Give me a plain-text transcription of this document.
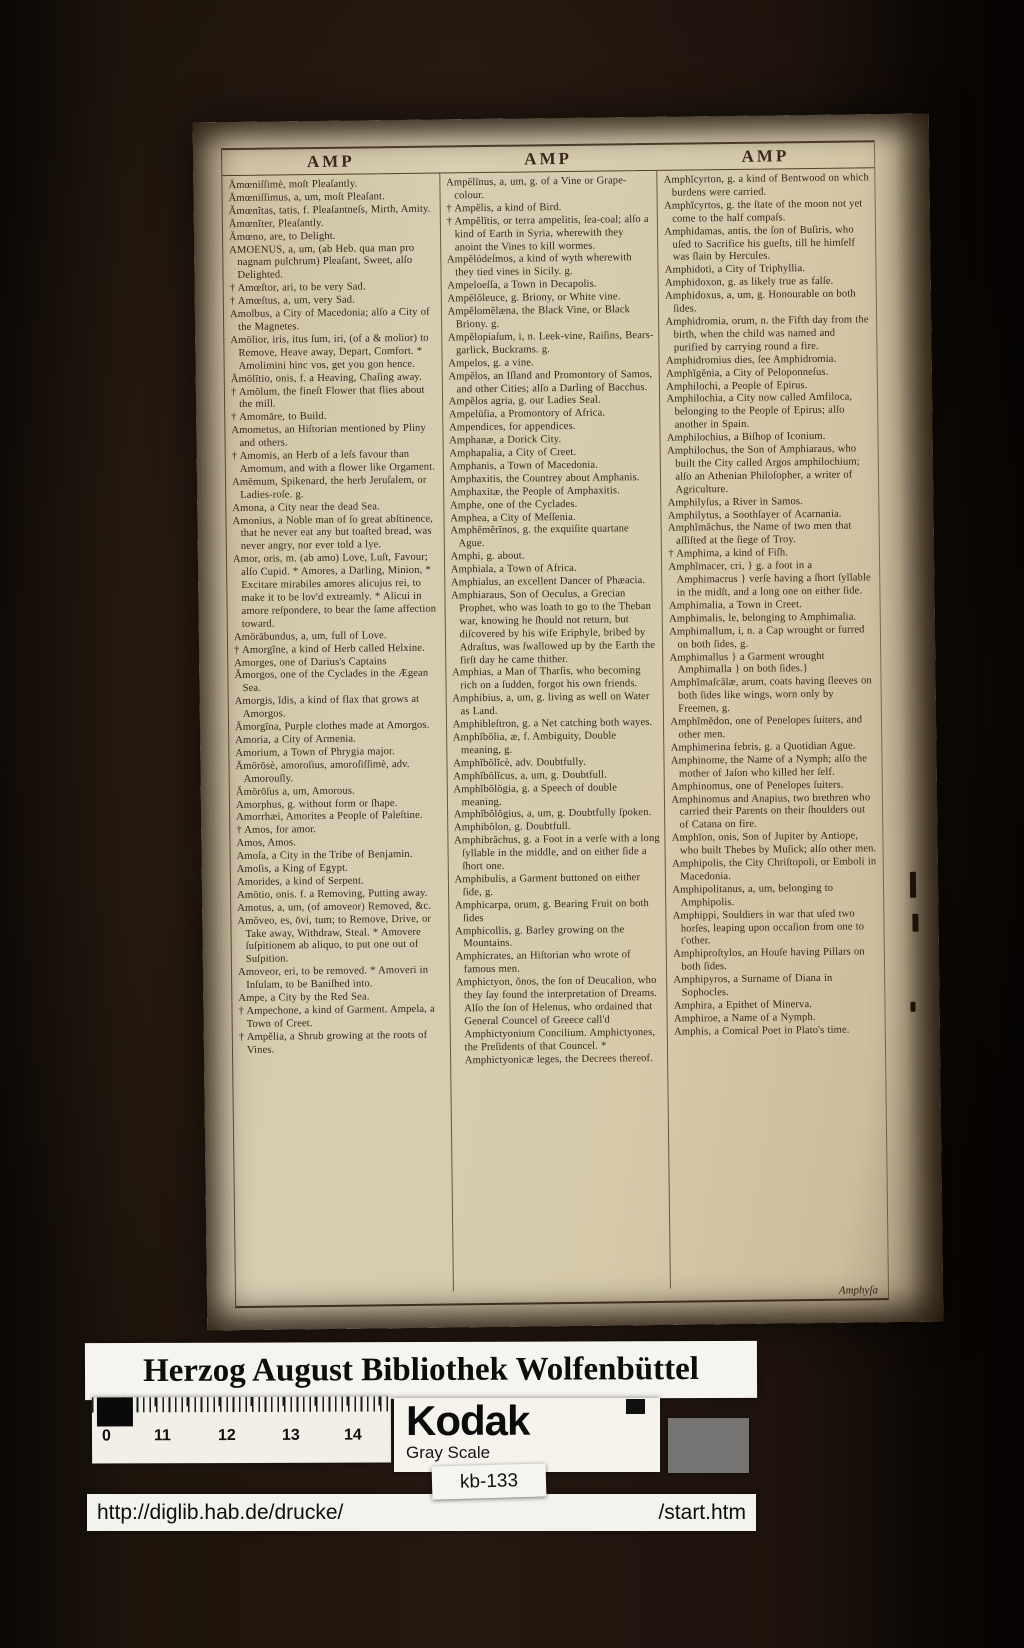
AMP	AMP	AMP

Āmœniſſimè, moſt Pleaſantly.

Āmœniſſimus, a, um, moſt Pleaſant.

Ămœnĭtas, tatis, f. Pleaſantneſs, Mirth, Amity.

Āmœnĭter, Pleaſantly.

Ămœno, are, to Delight.

AMOENUS, a, um, (ab Heb. qua man pro nagnam pulchrum) Pleaſant, Sweet, alſo Delighted.

† Amœſtor, ari, to be very Sad.

† Amœſtus, a, um, very Sad.

Amolbus, a City of Macedonia; alſo a City of the Magnetes.

Amōlior, iris, itus ſum, iri, (of a & molior) to Remove, Heave away, Depart, Comfort. * Amolimini hinc vos, get you gon hence.

Āmōlītio, onis, f. a Heaving, Chaſing away.

† Amōlum, the fineſt Flower that flies about the mill.

† Amomāre, to Build.

Amometus, an Hiſtorian mentioned by Pliny and others.

† Amomis, an Herb of a leſs favour than Amomum, and with a flower like Orgament.

Amēmum, Spikenard, the herb Jeruſalem, or Ladies-roſe. g.

Amona, a City near the dead Sea.

Amonius, a Noble man of ſo great abſtinence, that he never eat any but toaſted bread, was never angry, nor ever told a lye.

Amor, oris, m. (ab amo) Love, Luſt, Favour; alſo Cupid. * Amores, a Darling, Minion, * Excitare mirabiles amores alicujus rei, to make it to be lov'd extreamly. * Alicui in amore reſpondere, to bear the ſame affection toward.

Amōrābundus, a, um, full of Love.

† Amorgĭne, a kind of Herb called Helxine.

Amorges, one of Darius's Captains

Ămorgos, one of the Cyclades in the Ægean Sea.

Amorgis, ĭdis, a kind of flax that grows at Amorgos.

Ămorgīna, Purple clothes made at Amorgos.

Amoria, a City of Armenia.

Amorium, a Town of Phrygia major.

Āmōrōsè, amoroſius, amoroſiſſimè, adv. Amorouſly.

Ămōrōſus a, um, Amorous.

Amorphus, g. without form or ſhape.

Amorrhæi, Amorites a People of Paleſtine.

† Amos, for amor.

Amos, Amos.

Amoſa, a City in the Tribe of Benjamin.

Amoſis, a King of Egypt.

Amorides, a kind of Serpent.

Amōtio, onis. f. a Removing, Putting away.

Amotus, a, um, (of amoveor) Removed, &c.

Amŏveo, es, ōvi, tum; to Remove, Drive, or Take away, Withdraw, Steal. * Amovere ſuſpitionem ab aliquo, to put one out of Suſpition.

Amoveor, eri, to be removed. * Amoveri in Inſulam, to be Baniſhed into.

Ampe, a City by the Red Sea.

† Ampechone, a kind of Garment. Ampela, a Town of Creet.

† Ampĕlia, a Shrub growing at the roots of Vines.

Ampĕlīnus, a, um, g. of a Vine or Grape-colour.

† Ampĕlis, a kind of Bird.

† Ampĕlītis, or terra ampelitis, ſea-coal; alſo a kind of Earth in Syria, wherewith they anoint the Vines to kill wormes.

Ampĕlódeſmos, a kind of wyth wherewith they tied vines in Sicily. g.

Ampeloeſſa, a Town in Decapolis.

Ampĕlŏleuce, g. Briony, or White vine.

Ampĕlomĕlæna, the Black Vine, or Black Briony. g.

Ampĕlopiaſum, i, n. Leek-vine, Raiſins, Bears-garlick, Buckrams. g.

Ampelos, g. a vine.

Ampĕlos, an Iſland and Promontory of Samos, and other Cities; alſo a Darling of Bacchus.

Ampĕlos agria, g. our Ladies Seal.

Ampelūſia, a Promontory of Africa.

Ampendices, for appendices.

Amphanæ, a Dorick City.

Amphapalia, a City of Creet.

Amphanis, a Town of Macedonia.

Amphaxitis, the Countrey about Amphanis.

Amphaxitæ, the People of Amphaxitis.

Amphe, one of the Cyclades.

Amphea, a City of Meſſenia.

Amphĕmĕrīnos, g. the exquiſite quartane Ague.

Amphi, g. about.

Amphiala, a Town of Africa.

Amphialus, an excellent Dancer of Phæacia.

Amphiaraus, Son of Oeculus, a Grecian Prophet, who was loath to go to the Theban war, knowing he ſhould not return, but diſcovered by his wife Eriphyle, bribed by Adraſtus, was ſwallowed up by the Earth the firſt day he came thither.

Amphias, a Man of Tharſis, who becoming rich on a ſudden, forgot his own friends.

Amphibius, a, um, g. living as well on Water as Land.

Amphibleſtron, g. a Net catching both wayes.

Amphĭbŏlia, æ, f. Ambiguity, Double meaning, g.

Amphĭbŏlĭcè, adv. Doubtfully.

Amphĭbŏlĭcus, a, um, g. Doubtfull.

Amphĭbŏlŏgia, g. a Speech of double meaning.

Amphĭbŏlŏgius, a, um, g. Doubtfully ſpoken.

Amphibŏlon, g. Doubtfull.

Amphibrăchus, g. a Foot in a verſe with a long ſyllable in the middle, and on either ſide a ſhort one.

Amphibulis, a Garment buttoned on either ſide, g.

Amphicarpa, orum, g. Bearing Fruit on both ſides

Amphicollis, g. Barley growing on the Mountains.

Amphicrates, an Hiſtorian who wrote of famous men.

Amphictyon, ŏnos, the ſon of Deucalion, who they ſay found the interpretation of Dreams. Alſo the ſon of Helenus, who ordained that General Councel of Greece call'd Amphictyonium Concilium. Amphictyones, the Preſidents of that Councel. * Amphictyonicæ leges, the Decrees thereof.

Amphĭcyrton, g. a kind of Bentwood on which burdens were carried.

Amphĭcyrtos, g. the ſtate of the moon not yet come to the half compaſs.

Amphidamas, antis, the ſon of Buſiris, who uſed to Sacrifice his gueſts, till he himſelf was ſlain by Hercules.

Amphidoti, a City of Triphyllia.

Amphidoxon, g. as likely true as falſe.

Amphidoxus, a, um, g. Honourable on both ſides.

Amphidromia, orum, n. the Fifth day from the birth, when the child was named and purified by carrying round a fire.

Amphidromius dies, ſee Amphidromia.

Amphĭgĕnia, a City of Peloponneſus.

Amphilochi, a People of Epirus.

Amphilochia, a City now called Amfiloca, belonging to the People of Epirus; alſo another in Spain.

Amphilochius, a Biſhop of Iconium.

Amphilochus, the Son of Amphiaraus, who built the City called Argos amphilochium; alſo an Athenian Philoſopher, a writer of Agriculture.

Amphilyſus, a River in Samos.

Amphilytus, a Soothſayer of Acarnania.

Amphĭmăchus, the Name of two men that aſſiſted at the ſiege of Troy.

† Amphima, a kind of Fiſh.

Amphĭmacer, cri, } g. a foot in a Amphimacrus } verſe having a ſhort ſyllable in the midſt, and a long one on either ſide.

Amphimalia, a Town in Creet.

Amphimalis, le, belonging to Amphimalia.

Amphimallum, i, n. a Cap wrought or furred on both ſides, g.

Amphimallus } a Garment wrought Amphimalla } on both ſides.}

Amphĭmaſcălæ, arum, coats having ſleeves on both ſides like wings, worn only by Freemen, g.

Amphĭmĕdon, one of Penelopes ſuiters, and other men.

Amphimerina febris, g. a Quotidian Ague.

Amphinome, the Name of a Nymph; alſo the mother of Jaſon who killed her ſelf.

Amphinomus, one of Penelopes ſuiters.

Amphinomus and Anapius, two brethren who carried their Parents on their ſhoulders out of Catana on fire.

Amphīon, onis, Son of Jupiter by Antiope, who built Thebes by Muſick; alſo other men.

Amphipolis, the City Chriſtopoli, or Emboli in Macedonia.

Amphipolitanus, a, um, belonging to Amphipolis.

Amphippi, Souldiers in war that uſed two horſes, leaping upon occaſion from one to t'other.

Amphiproſtylos, an Houſe having Pillars on both ſides.

Amphipyros, a Surname of Diana in Sophocles.

Amphira, a Epithet of Minerva.

Amphiroe, a Name of a Nymph.

Amphis, a Comical Poet in Plato's time.

Amphyſa

Herzog August Bibliothek Wolfenbüttel
0	11	12	13	14 Kodak
Gray Scale
http://diglib.hab.de/drucke/	/start.htm
kb-133
